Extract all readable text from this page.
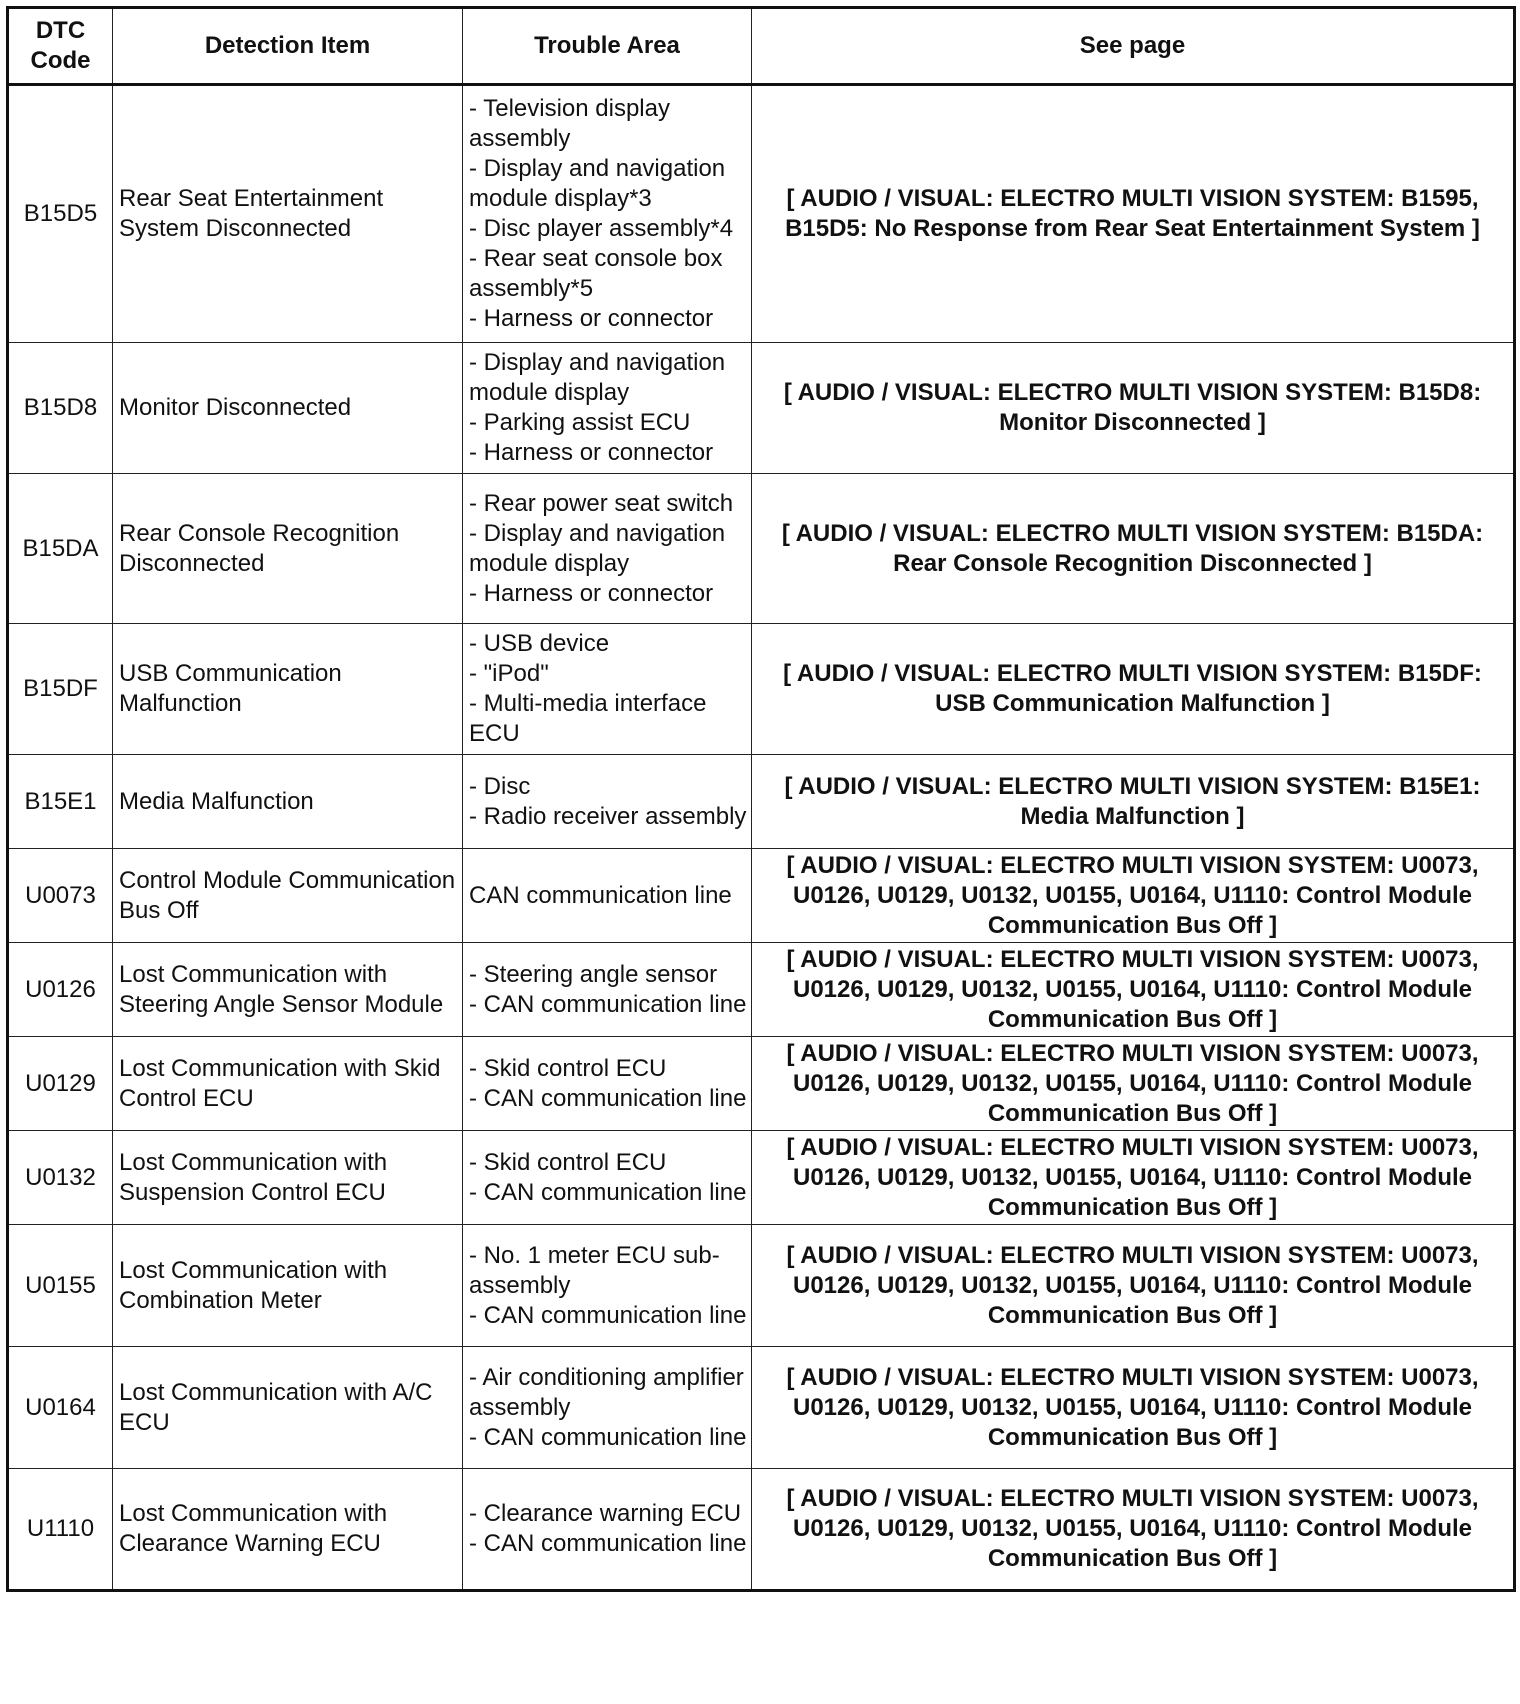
DTC
Code	Detection Item	Trouble Area	See page
B15D5	Rear Seat Entertainment System Disconnected	- Television display assembly
- Display and navigation module display*3
- Disc player assembly*4
- Rear seat console box assembly*5
- Harness or connector	[ AUDIO / VISUAL: ELECTRO MULTI VISION SYSTEM: B1595, B15D5: No Response from Rear Seat Entertainment System ]
B15D8	Monitor Disconnected	- Display and navigation module display
- Parking assist ECU
- Harness or connector	[ AUDIO / VISUAL: ELECTRO MULTI VISION SYSTEM: B15D8: Monitor Disconnected ]
B15DA	Rear Console Recognition Disconnected	- Rear power seat switch
- Display and navigation module display
- Harness or connector	[ AUDIO / VISUAL: ELECTRO MULTI VISION SYSTEM: B15DA: Rear Console Recognition Disconnected ]
B15DF	USB Communication Malfunction	- USB device
- "iPod"
- Multi-media interface ECU	[ AUDIO / VISUAL: ELECTRO MULTI VISION SYSTEM: B15DF: USB Communication Malfunction ]
B15E1	Media Malfunction	- Disc
- Radio receiver assembly	[ AUDIO / VISUAL: ELECTRO MULTI VISION SYSTEM: B15E1: Media Malfunction ]
U0073	Control Module Communication Bus Off	CAN communication line	[ AUDIO / VISUAL: ELECTRO MULTI VISION SYSTEM: U0073, U0126, U0129, U0132, U0155, U0164, U1110: Control Module Communication Bus Off ]
U0126	Lost Communication with Steering Angle Sensor Module	- Steering angle sensor
- CAN communication line	[ AUDIO / VISUAL: ELECTRO MULTI VISION SYSTEM: U0073, U0126, U0129, U0132, U0155, U0164, U1110: Control Module Communication Bus Off ]
U0129	Lost Communication with Skid Control ECU	- Skid control ECU
- CAN communication line	[ AUDIO / VISUAL: ELECTRO MULTI VISION SYSTEM: U0073, U0126, U0129, U0132, U0155, U0164, U1110: Control Module Communication Bus Off ]
U0132	Lost Communication with Suspension Control ECU	- Skid control ECU
- CAN communication line	[ AUDIO / VISUAL: ELECTRO MULTI VISION SYSTEM: U0073, U0126, U0129, U0132, U0155, U0164, U1110: Control Module Communication Bus Off ]
U0155	Lost Communication with Combination Meter	- No. 1 meter ECU sub-assembly
- CAN communication line	[ AUDIO / VISUAL: ELECTRO MULTI VISION SYSTEM: U0073, U0126, U0129, U0132, U0155, U0164, U1110: Control Module Communication Bus Off ]
U0164	Lost Communication with A/C ECU	- Air conditioning amplifier assembly
- CAN communication line	[ AUDIO / VISUAL: ELECTRO MULTI VISION SYSTEM: U0073, U0126, U0129, U0132, U0155, U0164, U1110: Control Module Communication Bus Off ]
U1110	Lost Communication with Clearance Warning ECU	- Clearance warning ECU
- CAN communication line	[ AUDIO / VISUAL: ELECTRO MULTI VISION SYSTEM: U0073, U0126, U0129, U0132, U0155, U0164, U1110: Control Module Communication Bus Off ]
